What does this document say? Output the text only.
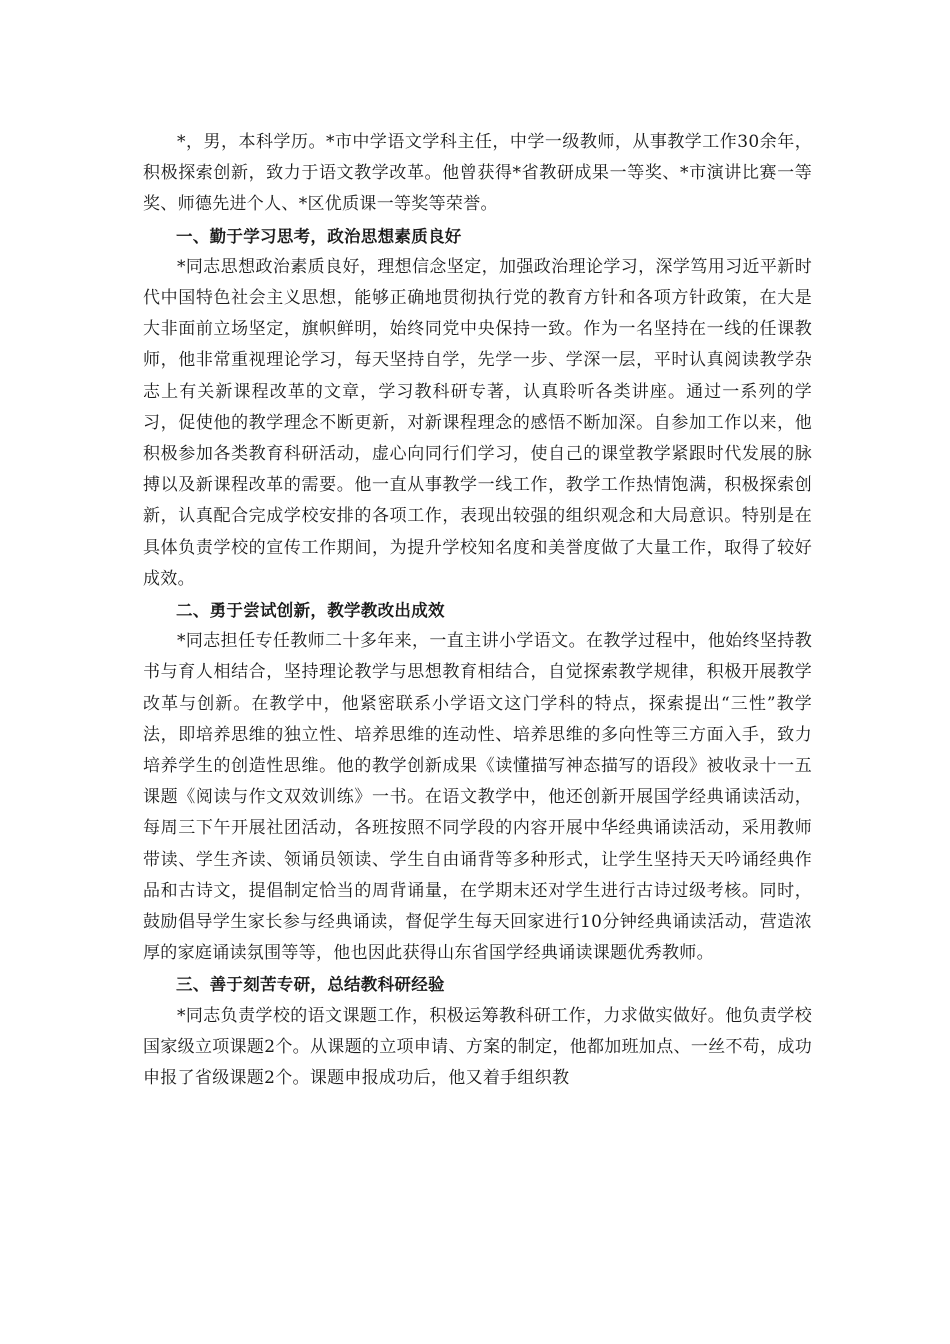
*，男，本科学历。*市中学语文学科主任，中学一级教师，从事教学工作30余年，积极探索创新，致力于语文教学改革。他曾获得*省教研成果一等奖、*市演讲比赛一等奖、师德先进个人、*区优质课一等奖等荣誉。

一、勤于学习思考，政治思想素质良好

*同志思想政治素质良好，理想信念坚定，加强政治理论学习，深学笃用习近平新时代中国特色社会主义思想，能够正确地贯彻执行党的教育方针和各项方针政策，在大是大非面前立场坚定，旗帜鲜明，始终同党中央保持一致。作为一名坚持在一线的任课教师，他非常重视理论学习，每天坚持自学，先学一步、学深一层，平时认真阅读教学杂志上有关新课程改革的文章，学习教科研专著，认真聆听各类讲座。通过一系列的学习，促使他的教学理念不断更新，对新课程理念的感悟不断加深。自参加工作以来，他积极参加各类教育科研活动，虚心向同行们学习，使自己的课堂教学紧跟时代发展的脉搏以及新课程改革的需要。他一直从事教学一线工作，教学工作热情饱满，积极探索创新，认真配合完成学校安排的各项工作，表现出较强的组织观念和大局意识。特别是在具体负责学校的宣传工作期间，为提升学校知名度和美誉度做了大量工作，取得了较好成效。

二、勇于尝试创新，教学教改出成效

*同志担任专任教师二十多年来，一直主讲小学语文。在教学过程中，他始终坚持教书与育人相结合，坚持理论教学与思想教育相结合，自觉探索教学规律，积极开展教学改革与创新。在教学中，他紧密联系小学语文这门学科的特点，探索提出“三性”教学法，即培养思维的独立性、培养思维的连动性、培养思维的多向性等三方面入手，致力培养学生的创造性思维。他的教学创新成果《读懂描写神态描写的语段》被收录十一五课题《阅读与作文双效训练》一书。在语文教学中，他还创新开展国学经典诵读活动，每周三下午开展社团活动，各班按照不同学段的内容开展中华经典诵读活动，采用教师带读、学生齐读、领诵员领读、学生自由诵背等多种形式，让学生坚持天天吟诵经典作品和古诗文，提倡制定恰当的周背诵量，在学期末还对学生进行古诗过级考核。同时，鼓励倡导学生家长参与经典诵读，督促学生每天回家进行10分钟经典诵读活动，营造浓厚的家庭诵读氛围等等，他也因此获得山东省国学经典诵读课题优秀教师。

三、善于刻苦专研，总结教科研经验

*同志负责学校的语文课题工作，积极运筹教科研工作，力求做实做好。他负责学校国家级立项课题2个。从课题的立项申请、方案的制定，他都加班加点、一丝不苟，成功申报了省级课题2个。课题申报成功后，他又着手组织教
